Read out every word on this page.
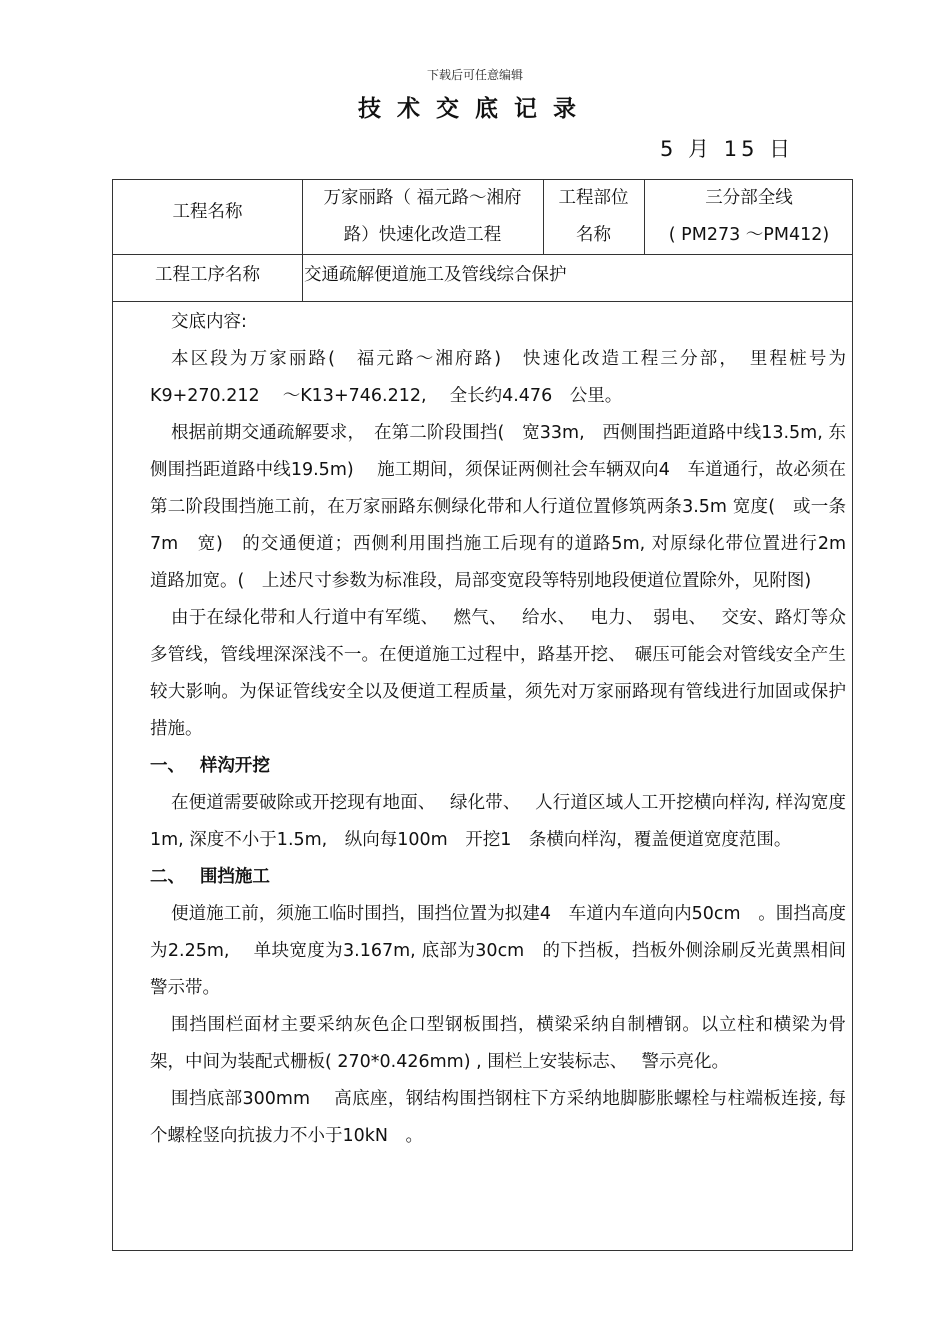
下载后可任意编辑
技术交底记录
5 月 15 日
工程名称
万家丽路（ 福元路～湘府
路）快速化改造工程
工程部位
名称
三分部全线
( PM273 ～PM412)
工程工序名称	交通疏解便道施工及管线综合保护

交底内容:

本区段为万家丽路(　福元路～湘府路)　快速化改造工程三分部，　里程桩号为 K9+270.212　 ～K13+746.212,　 全长约4.476　公里。

根据前期交通疏解要求，　在第二阶段围挡(　宽33m,　西侧围挡距道路中线13.5m, 东侧围挡距道路中线19.5m)　 施工期间，须保证两侧社会车辆双向4　车道通行，故必须在第二阶段围挡施工前，在万家丽路东侧绿化带和人行道位置修筑两条3.5m 宽度(　或一条7m　宽)　的交通便道；西侧利用围挡施工后现有的道路5m, 对原绿化带位置进行2m　道路加宽。(　上述尺寸参数为标准段，局部变宽段等特别地段便道位置除外，见附图)

由于在绿化带和人行道中有军缆、　 燃气、　 给水、　 电力、　弱电、　 交安、路灯等众多管线，管线埋深深浅不一。在便道施工过程中，路基开挖、　碾压可能会对管线安全产生较大影响。为保证管线安全以及便道工程质量，须先对万家丽路现有管线进行加固或保护措施。

一、　 样沟开挖

在便道需要破除或开挖现有地面、　 绿化带、　 人行道区域人工开挖横向样沟, 样沟宽度1m, 深度不小于1.5m,　纵向每100m　开挖1　条横向样沟，覆盖便道宽度范围。

二、　 围挡施工

便道施工前，须施工临时围挡，围挡位置为拟建4　车道内车道向内50cm　。围挡高度为2.25m,　 单块宽度为3.167m, 底部为30cm　的下挡板，挡板外侧涂刷反光黄黑相间警示带。

围挡围栏面材主要采纳灰色企口型钢板围挡，横梁采纳自制槽钢。以立柱和横梁为骨架，中间为装配式栅板( 270*0.426mm) , 围栏上安装标志、　 警示亮化。

围挡底部300mm　 高底座，钢结构围挡钢柱下方采纳地脚膨胀螺栓与柱端板连接, 每个螺栓竖向抗拔力不小于10kN　。
